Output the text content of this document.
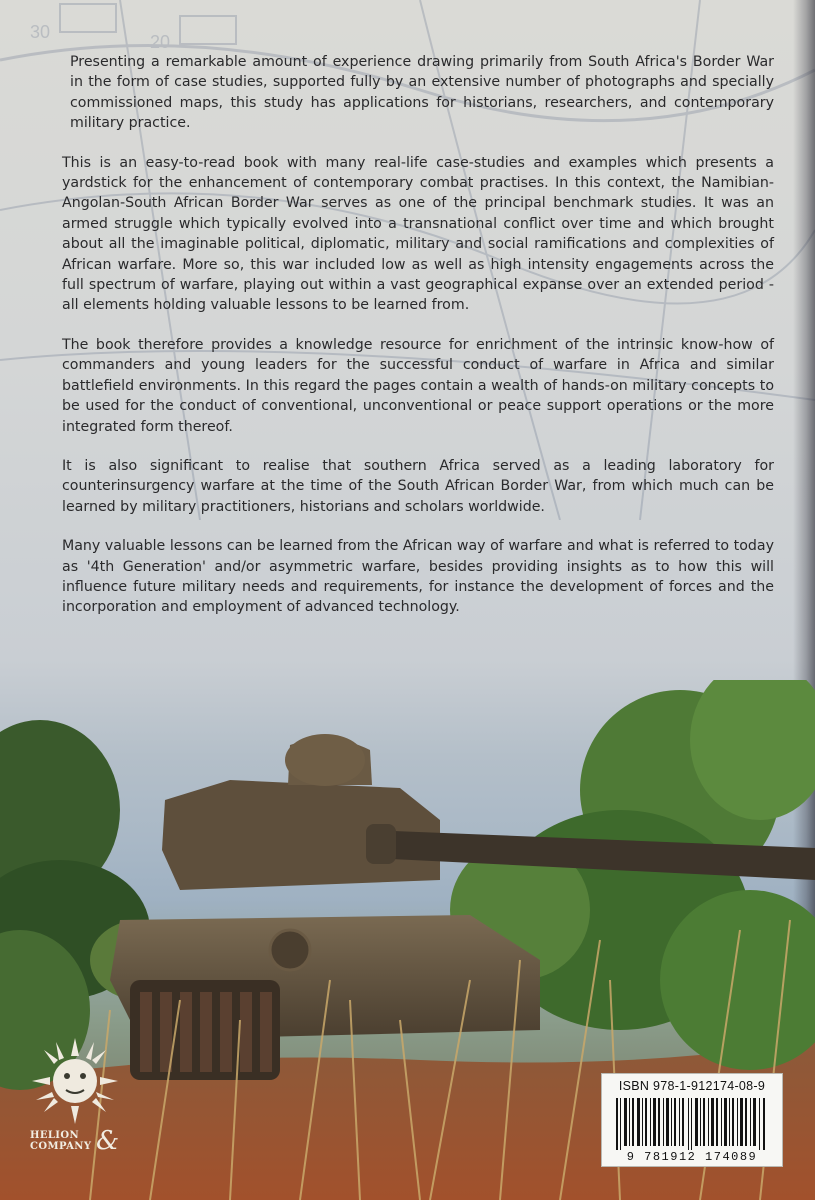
30	20

Presenting a remarkable amount of experience drawing primarily from South Africa's Border War in the form of case studies, supported fully by an extensive number of photographs and specially commissioned maps, this study has applications for historians, researchers, and contemporary military practice.

This is an easy-to-read book with many real-life case-studies and examples which presents a yardstick for the enhancement of contemporary combat practises. In this context, the Namibian-Angolan-South African Border War serves as one of the principal benchmark studies. It was an armed struggle which typically evolved into a transnational conflict over time and which brought about all the imaginable political, diplomatic, military and social ramifications and complexities of African warfare. More so, this war included low as well as high intensity engagements across the full spectrum of warfare, playing out within a vast geographical expanse over an extended period - all elements holding valuable lessons to be learned from.

The book therefore provides a knowledge resource for enrichment of the intrinsic know-how of commanders and young leaders for the successful conduct of warfare in Africa and similar battlefield environments. In this regard the pages contain a wealth of hands-on military concepts to be used for the conduct of conventional, unconventional or peace support operations or the more integrated form thereof.

It is also significant to realise that southern Africa served as a leading laboratory for counterinsurgency warfare at the time of the South African Border War, from which much can be learned by military practitioners, historians and scholars worldwide.

Many valuable lessons can be learned from the African way of warfare and what is referred to today as '4th Generation' and/or asymmetric warfare, besides providing insights as to how this will influence future military needs and requirements, for instance the development of forces and the incorporation and employment of advanced technology.

HELION
COMPANY &
ISBN 978-1-912174-08-9
9 781912 174089
